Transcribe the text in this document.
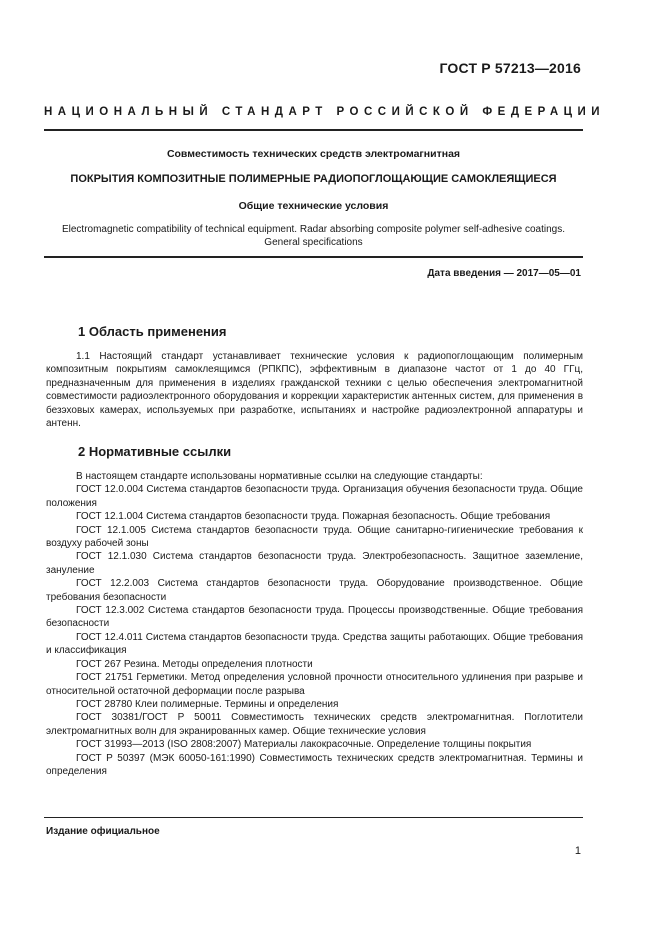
ГОСТ Р 57213—2016
НАЦИОНАЛЬНЫЙ СТАНДАРТ РОССИЙСКОЙ ФЕДЕРАЦИИ
Совместимость технических средств электромагнитная
ПОКРЫТИЯ КОМПОЗИТНЫЕ ПОЛИМЕРНЫЕ РАДИОПОГЛОЩАЮЩИЕ САМОКЛЕЯЩИЕСЯ
Общие технические условия
Electromagnetic compatibility of technical equipment. Radar absorbing composite polymer self-adhesive coatings.
General specifications
Дата введения — 2017—05—01
1 Область применения
1.1 Настоящий стандарт устанавливает технические условия к радиопоглощающим полимерным композитным покрытиям самоклеящимся (РПКПС), эффективным в диапазоне частот от 1 до 40 ГГц, предназначенным для применения в изделиях гражданской техники с целью обеспечения электромагнитной совместимости радиоэлектронного оборудования и коррекции характеристик антенных систем, для применения в безэховых камерах, используемых при разработке, испытаниях и настройке радиоэлектронной аппаратуры и антенн.
2 Нормативные ссылки
В настоящем стандарте использованы нормативные ссылки на следующие стандарты:
ГОСТ 12.0.004 Система стандартов безопасности труда. Организация обучения безопасности труда. Общие положения
ГОСТ 12.1.004 Система стандартов безопасности труда. Пожарная безопасность. Общие требования
ГОСТ 12.1.005 Система стандартов безопасности труда. Общие санитарно-гигиенические требования к воздуху рабочей зоны
ГОСТ 12.1.030 Система стандартов безопасности труда. Электробезопасность. Защитное заземление, зануление
ГОСТ 12.2.003 Система стандартов безопасности труда. Оборудование производственное. Общие требования безопасности
ГОСТ 12.3.002 Система стандартов безопасности труда. Процессы производственные. Общие требования безопасности
ГОСТ 12.4.011 Система стандартов безопасности труда. Средства защиты работающих. Общие требования и классификация
ГОСТ 267 Резина. Методы определения плотности
ГОСТ 21751 Герметики. Метод определения условной прочности относительного удлинения при разрыве и относительной остаточной деформации после разрыва
ГОСТ 28780 Клеи полимерные. Термины и определения
ГОСТ 30381/ГОСТ Р 50011 Совместимость технических средств электромагнитная. Поглотители электромагнитных волн для экранированных камер. Общие технические условия
ГОСТ 31993—2013 (ISO 2808:2007) Материалы лакокрасочные. Определение толщины покрытия
ГОСТ Р 50397 (МЭК 60050-161:1990) Совместимость технических средств электромагнитная. Термины и определения
Издание официальное
1
